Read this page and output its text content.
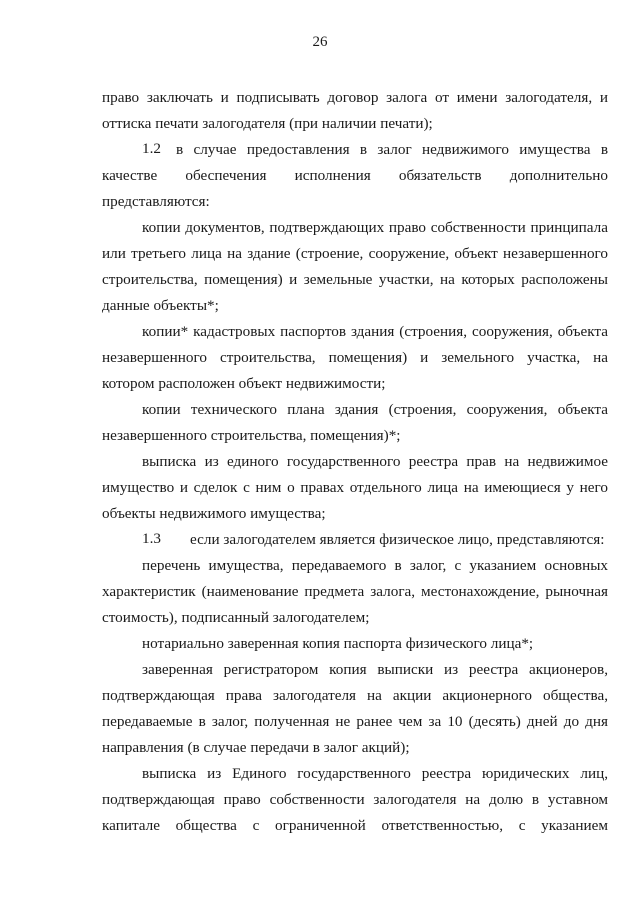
26
право заключать и подписывать договор залога от имени залогодателя, и
оттиска печати залогодателя (при наличии печати);
1.2 в случае предоставления в залог недвижимого имущества в
качестве обеспечения исполнения обязательств дополнительно
представляются:
копии документов, подтверждающих право собственности принципала
или третьего лица на здание (строение, сооружение, объект незавершенного
строительства, помещения) и земельные участки, на которых расположены
данные объекты*;
копии* кадастровых паспортов здания (строения, сооружения, объекта
незавершенного строительства, помещения) и земельного участка, на
котором расположен объект недвижимости;
копии технического плана здания (строения, сооружения, объекта
незавершенного строительства, помещения)*;
выписка из единого государственного реестра прав на недвижимое
имущество и сделок с ним о правах отдельного лица на имеющиеся у него
объекты недвижимого имущества;
1.3 если залогодателем является физическое лицо, представляются:
перечень имущества, передаваемого в залог, с указанием основных
характеристик (наименование предмета залога, местонахождение, рыночная
стоимость), подписанный залогодателем;
нотариально заверенная копия паспорта физического лица*;
заверенная регистратором копия выписки из реестра акционеров,
подтверждающая права залогодателя на акции акционерного общества,
передаваемые в залог, полученная не ранее чем за 10 (десять) дней до дня
направления (в случае передачи в залог акций);
выписка из Единого государственного реестра юридических лиц,
подтверждающая право собственности залогодателя на долю в уставном
капитале общества с ограниченной ответственностью, с указанием
